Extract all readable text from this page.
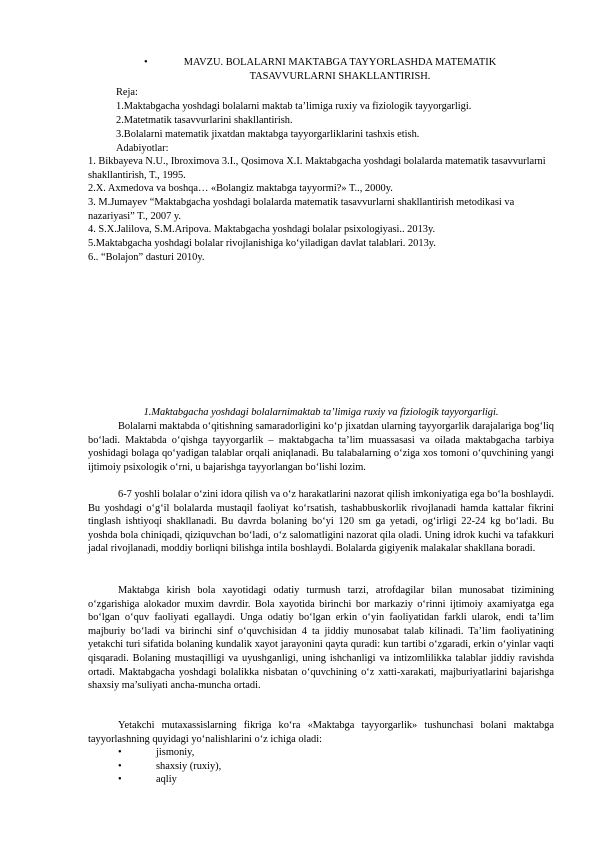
•	MAVZU. BOLALARNI MAKTABGA TAYYORLASHDA MATEMATIK TASAVVURLARNI SHAKLLANTIRISH.
Reja:
1.Maktabgacha yoshdagi bolalarni maktab ta’limiga ruxiy va fiziologik tayyorgarligi.
2.Matetmatik tasavvurlarini shakllantirish.
3.Bolalarni matematik jixatdan maktabga tayyorgarliklarini tashxis etish.
Adabiyotlar:
1. Bikbayeva N.U., Ibroximova 3.I., Qosimova X.I. Maktabgacha yoshdagi bolalarda matematik tasavvurlarni shakllantirish, T., 1995.
2.X. Axmedova va boshqa… «Bolangiz maktabga tayyormi?» T.., 2000y.
3. M.Jumayev “Maktabgacha yoshdagi bolalarda matematik tasavvurlarni shakllantirish metodikasi va nazariyasi” T., 2007 y.
4. S.X.Jalilova, S.M.Aripova. Maktabgacha yoshdagi bolalar psixologiyasi.. 2013y.
5.Maktabgacha yoshdagi bolalar rivojlanishiga ko‘yiladigan davlat talablari. 2013y.
6.. “Bolajon” dasturi 2010y.
1.Maktabgacha yoshdagi bolalarnimaktab ta’limiga ruxiy va fiziologik tayyorgarligi.
Bolalarni maktabda o‘qitishning samaradorligini ko‘p jixatdan ularning tayyorgarlik darajalariga bog‘liq bo‘ladi. Maktabda o‘qishga tayyorgarlik – maktabgacha ta’lim muassasasi va oilada maktabgacha tarbiya yoshidagi bolaga qo‘yadigan talablar orqali aniqlanadi. Bu talabalarning o‘ziga xos tomoni o‘quvchining yangi ijtimoiy psixologik o‘rni, u bajarishga tayyorlangan bo‘lishi lozim.
6-7 yoshli bolalar o‘zini idora qilish va o‘z harakatlarini nazorat qilish imkoniyatiga ega bo‘la boshlaydi. Bu yoshdagi o‘g‘il bolalarda mustaqil faoliyat ko‘rsatish, tashabbuskorlik rivojlanadi hamda kattalar fikrini tinglash ishtiyoqi shakllanadi. Bu davrda bolaning bo‘yi 120 sm ga yetadi, og‘irligi 22-24 kg bo‘ladi. Bu yoshda bola chiniqadi, qiziquvchan bo‘ladi, o‘z salomatligini nazorat qila oladi. Uning idrok kuchi va tafakkuri jadal rivojlanadi, moddiy borliqni bilishga intila boshlaydi. Bolalarda gigiyenik malakalar shakllana boradi.
Maktabga kirish bola xayotidagi odatiy turmush tarzi, atrofdagilar bilan munosabat tizimining o‘zgarishiga alokador muxim davrdir. Bola xayotida birinchi bor markaziy o‘rinni ijtimoiy axamiyatga ega bo‘lgan o‘quv faoliyati egallaydi. Unga odatiy bo‘lgan erkin o‘yin faoliyatidan farkli ularok, endi ta’lim majburiy bo‘ladi va birinchi sinf o‘quvchisidan 4 ta jiddiy munosabat talab kilinadi. Ta’lim faoliyatining yetakchi turi sifatida bolaning kundalik xayot jarayonini qayta quradi: kun tartibi o‘zgaradi, erkin o‘yinlar vaqti qisqaradi. Bolaning mustaqilligi va uyushganligi, uning ishchanligi va intizomlilikka talablar jiddiy ravishda ortadi. Maktabgacha yoshdagi bolalikka nisbatan o‘quvchining o‘z xatti-xarakati, majburiyatlarini bajarishga shaxsiy ma’suliyati ancha-muncha ortadi.
Yetakchi mutaxassislarning fikriga ko‘ra «Maktabga tayyorgarlik» tushunchasi bolani maktabga tayyorlashning quyidagi yo‘nalishlarini o‘z ichiga oladi:
•	jismoniy,
•	shaxsiy (ruxiy),
•	aqliy
